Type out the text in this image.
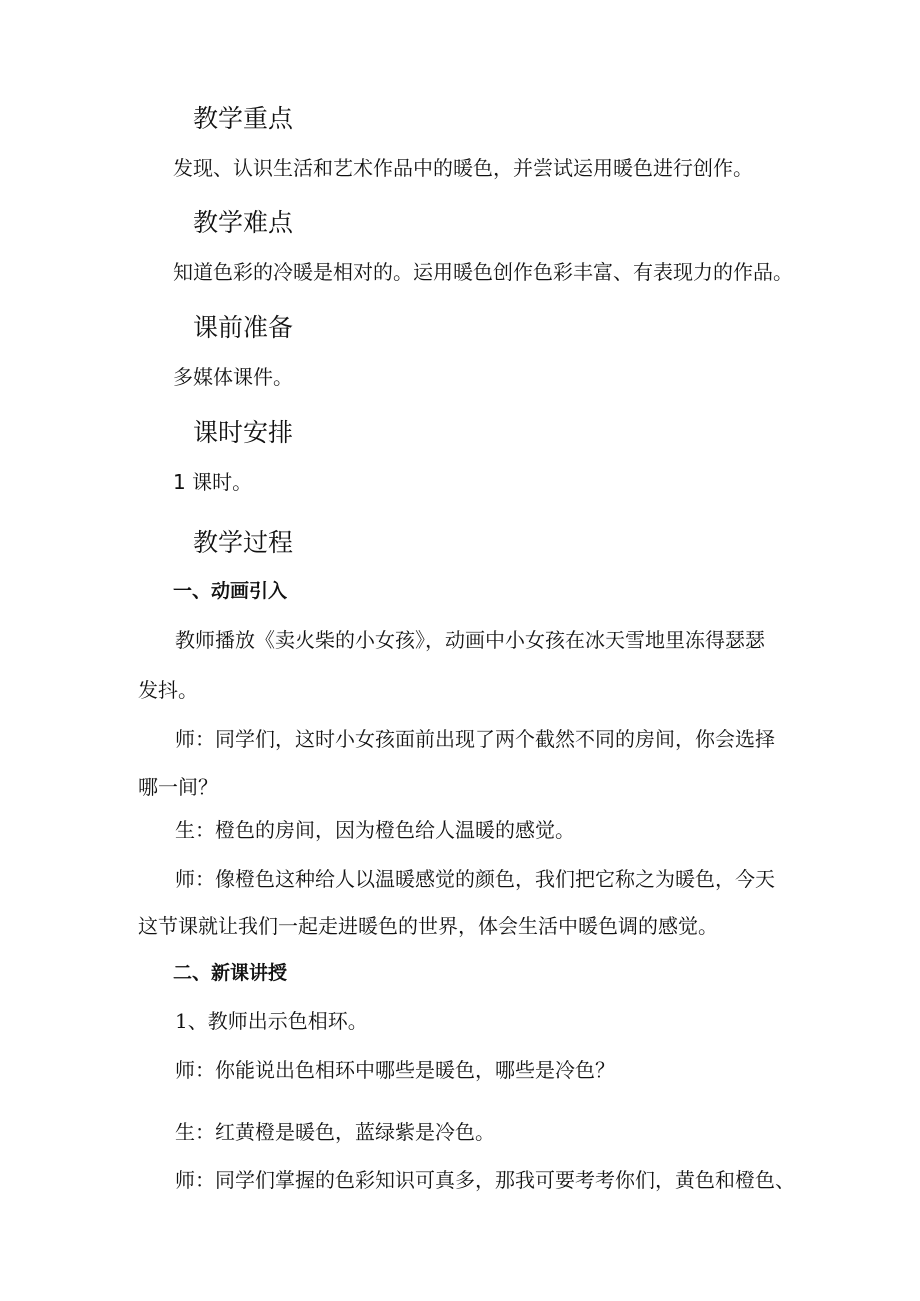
教学重点
发现、认识生活和艺术作品中的暖色，并尝试运用暖色进行创作。
教学难点
知道色彩的冷暖是相对的。运用暖色创作色彩丰富、有表现力的作品。
课前准备
多媒体课件。
课时安排
1 课时。
教学过程
一、动画引入
教师播放《卖火柴的小女孩》，动画中小女孩在冰天雪地里冻得瑟瑟
发抖。
师：同学们，这时小女孩面前出现了两个截然不同的房间，你会选择
哪一间？
生：橙色的房间，因为橙色给人温暖的感觉。
师：像橙色这种给人以温暖感觉的颜色，我们把它称之为暖色，今天
这节课就让我们一起走进暖色的世界，体会生活中暖色调的感觉。
二、新课讲授
1、教师出示色相环。
师：你能说出色相环中哪些是暖色，哪些是冷色？
生：红黄橙是暖色，蓝绿紫是冷色。
师：同学们掌握的色彩知识可真多，那我可要考考你们，黄色和橙色、
